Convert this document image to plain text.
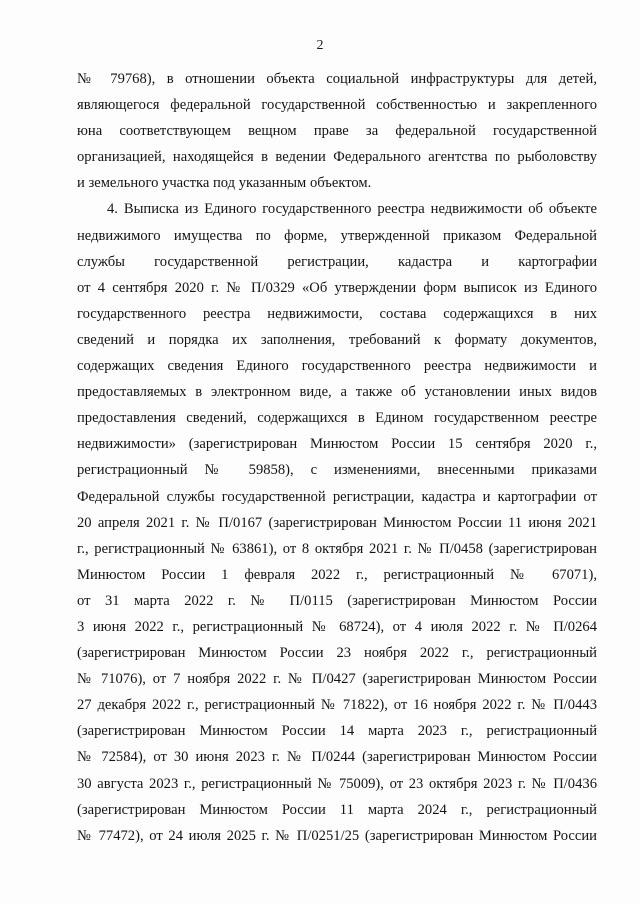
2
№ 79768), в отношении объекта социальной инфраструктуры для детей,
являющегося федеральной государственной собственностью и закрепленного
юна соответствующем вещном праве за федеральной государственной
организацией, находящейся в ведении Федерального агентства по рыболовству
и земельного участка под указанным объектом.
4. Выписка из Единого государственного реестра недвижимости об объекте
недвижимого имущества по форме, утвержденной приказом Федеральной
службы государственной регистрации, кадастра и картографии
от 4 сентября 2020 г. № П/0329 «Об утверждении форм выписок из Единого
государственного реестра недвижимости, состава содержащихся в них
сведений и порядка их заполнения, требований к формату документов,
содержащих сведения Единого государственного реестра недвижимости и
предоставляемых в электронном виде, а также об установлении иных видов
предоставления сведений, содержащихся в Едином государственном реестре
недвижимости» (зарегистрирован Минюстом России 15 сентября 2020 г.,
регистрационный № 59858), с изменениями, внесенными приказами
Федеральной службы государственной регистрации, кадастра и картографии от
20 апреля 2021 г. № П/0167 (зарегистрирован Минюстом России 11 июня 2021
г., регистрационный № 63861), от 8 октября 2021 г. № П/0458 (зарегистрирован
Минюстом России 1 февраля 2022 г., регистрационный № 67071),
от 31 марта 2022 г. № П/0115 (зарегистрирован Минюстом России
3 июня 2022 г., регистрационный № 68724), от 4 июля 2022 г. № П/0264
(зарегистрирован Минюстом России 23 ноября 2022 г., регистрационный
№ 71076), от 7 ноября 2022 г. № П/0427 (зарегистрирован Минюстом России
27 декабря 2022 г., регистрационный № 71822), от 16 ноября 2022 г. № П/0443
(зарегистрирован Минюстом России 14 марта 2023 г., регистрационный
№ 72584), от 30 июня 2023 г. № П/0244 (зарегистрирован Минюстом России
30 августа 2023 г., регистрационный № 75009), от 23 октября 2023 г. № П/0436
(зарегистрирован Минюстом России 11 марта 2024 г., регистрационный
№ 77472), от 24 июля 2025 г. № П/0251/25 (зарегистрирован Минюстом России
